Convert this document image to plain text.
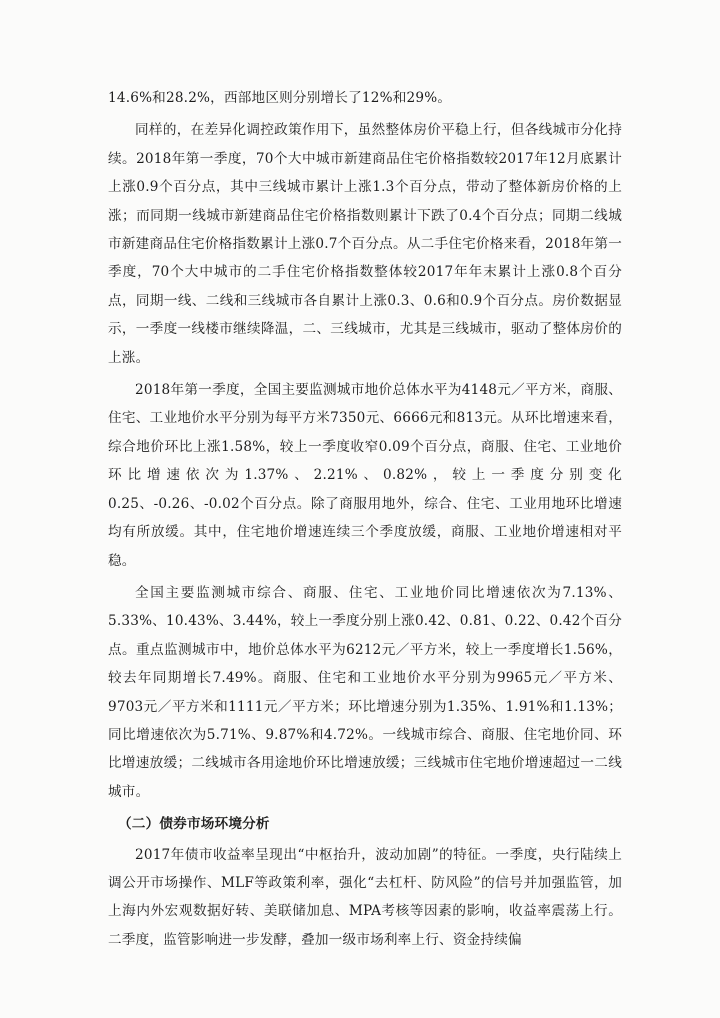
14.6%和28.2%，西部地区则分别增长了12%和29%。

同样的，在差异化调控政策作用下，虽然整体房价平稳上行，但各线城市分化持续。2018年第一季度，70个大中城市新建商品住宅价格指数较2017年12月底累计上涨0.9个百分点，其中三线城市累计上涨1.3个百分点，带动了整体新房价格的上涨；而同期一线城市新建商品住宅价格指数则累计下跌了0.4个百分点；同期二线城市新建商品住宅价格指数累计上涨0.7个百分点。从二手住宅价格来看，2018年第一季度，70个大中城市的二手住宅价格指数整体较2017年年末累计上涨0.8个百分点，同期一线、二线和三线城市各自累计上涨0.3、0.6和0.9个百分点。房价数据显示，一季度一线楼市继续降温，二、三线城市，尤其是三线城市，驱动了整体房价的上涨。

2018年第一季度，全国主要监测城市地价总体水平为4148元／平方米，商服、住宅、工业地价水平分别为每平方米7350元、6666元和813元。从环比增速来看，综合地价环比上涨1.58%，较上一季度收窄0.09个百分点，商服、住宅、工业地价环比增速依次为1.37%、2.21%、0.82%，较上一季度分别变化0.25、-0.26、-0.02个百分点。除了商服用地外，综合、住宅、工业用地环比增速均有所放缓。其中，住宅地价增速连续三个季度放缓，商服、工业地价增速相对平稳。

全国主要监测城市综合、商服、住宅、工业地价同比增速依次为7.13%、5.33%、10.43%、3.44%，较上一季度分别上涨0.42、0.81、0.22、0.42个百分点。重点监测城市中，地价总体水平为6212元／平方米，较上一季度增长1.56%，较去年同期增长7.49%。商服、住宅和工业地价水平分别为9965元／平方米、9703元／平方米和1111元／平方米；环比增速分别为1.35%、1.91%和1.13%；同比增速依次为5.71%、9.87%和4.72%。一线城市综合、商服、住宅地价同、环比增速放缓；二线城市各用途地价环比增速放缓；三线城市住宅地价增速超过一二线城市。

（二）债券市场环境分析

2017年债市收益率呈现出“中枢抬升，波动加剧”的特征。一季度，央行陆续上调公开市场操作、MLF等政策利率，强化“去杠杆、防风险”的信号并加强监管，加上海内外宏观数据好转、美联储加息、MPA考核等因素的影响，收益率震荡上行。二季度，监管影响进一步发酵，叠加一级市场利率上行、资金持续偏
